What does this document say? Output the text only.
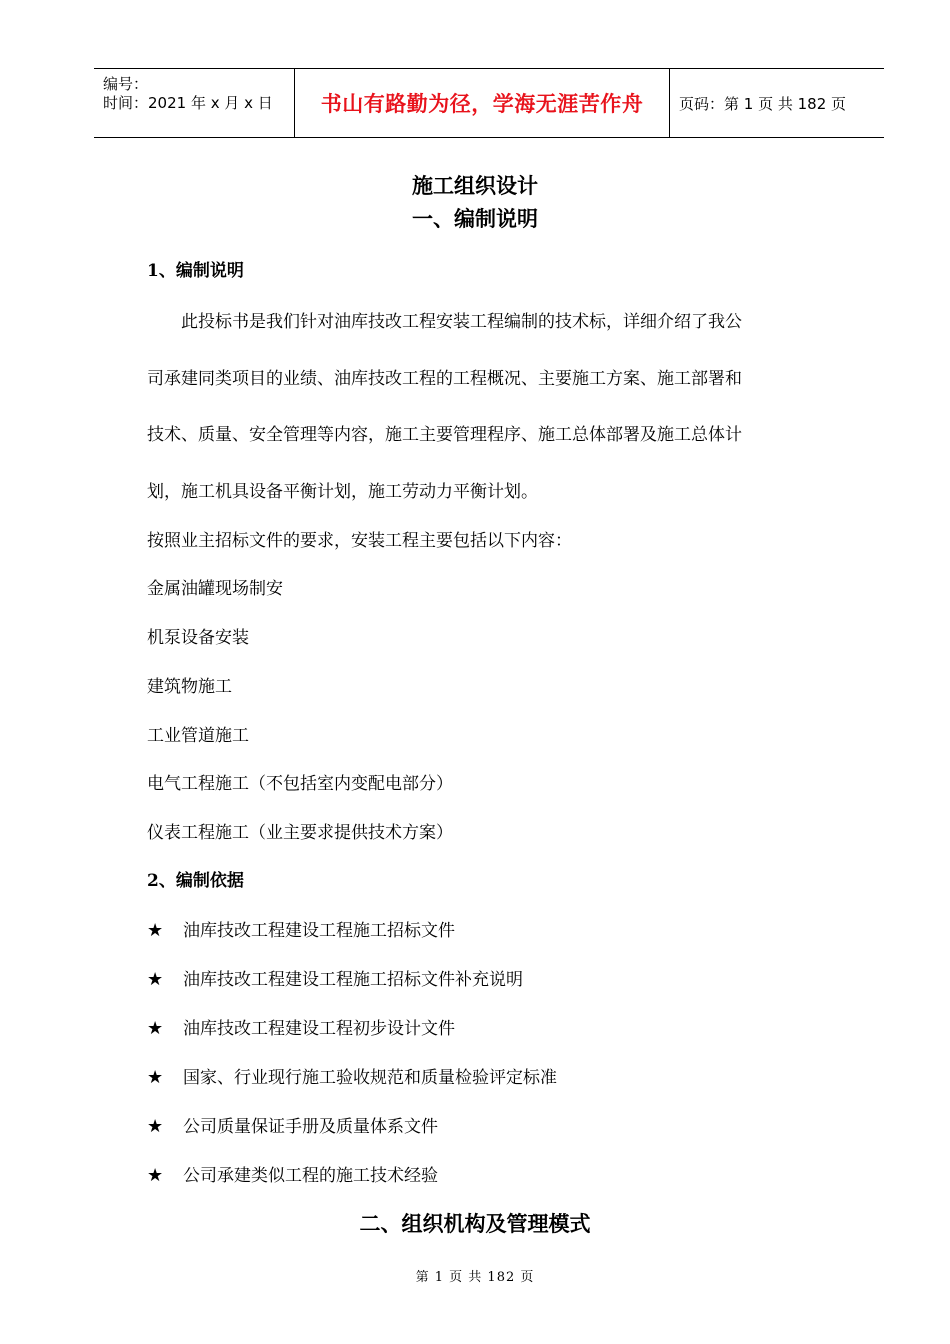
编号：
时间：2021 年 x 月 x 日 书山有路勤为径，学海无涯苦作舟	页码：第 1 页 共 182 页
施工组织设计
一、编制说明
1、编制说明
　　此投标书是我们针对油库技改工程安装工程编制的技术标，详细介绍了我公
司承建同类项目的业绩、油库技改工程的工程概况、主要施工方案、施工部署和
技术、质量、安全管理等内容，施工主要管理程序、施工总体部署及施工总体计
划，施工机具设备平衡计划，施工劳动力平衡计划。
按照业主招标文件的要求，安装工程主要包括以下内容：
金属油罐现场制安
机泵设备安装
建筑物施工
工业管道施工
电气工程施工（不包括室内变配电部分）
仪表工程施工（业主要求提供技术方案）
2、编制依据
★ 油库技改工程建设工程施工招标文件
★ 油库技改工程建设工程施工招标文件补充说明
★ 油库技改工程建设工程初步设计文件
★ 国家、行业现行施工验收规范和质量检验评定标准
★ 公司质量保证手册及质量体系文件
★ 公司承建类似工程的施工技术经验
二、组织机构及管理模式
第 1 页 共 182 页
